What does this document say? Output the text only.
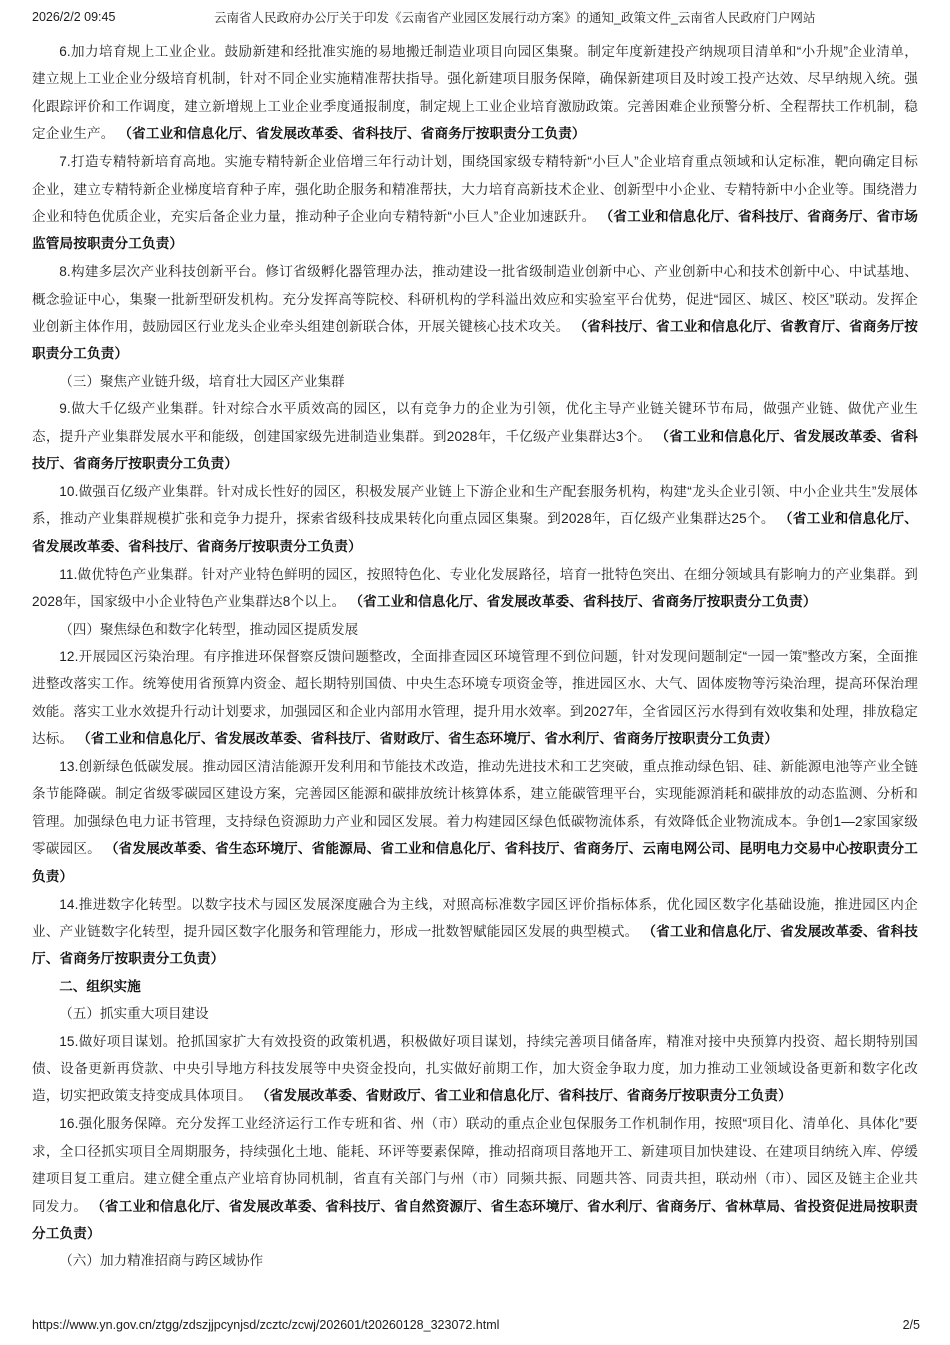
2026/2/2 09:45	云南省人民政府办公厅关于印发《云南省产业园区发展行动方案》的通知_政策文件_云南省人民政府门户网站

6.加力培育规上工业企业。鼓励新建和经批准实施的易地搬迁制造业项目向园区集聚。制定年度新建投产纳规项目清单和“小升规”企业清单，建立规上工业企业分级培育机制，针对不同企业实施精准帮扶指导。强化新建项目服务保障，确保新建项目及时竣工投产达效、尽早纳规入统。强化跟踪评价和工作调度，建立新增规上工业企业季度通报制度，制定规上工业企业培育激励政策。完善困难企业预警分析、全程帮扶工作机制，稳定企业生产。 （省工业和信息化厅、省发展改革委、省科技厅、省商务厅按职责分工负责）

7.打造专精特新培育高地。实施专精特新企业倍增三年行动计划，围绕国家级专精特新“小巨人”企业培育重点领域和认定标准，靶向确定目标企业，建立专精特新企业梯度培育种子库，强化助企服务和精准帮扶，大力培育高新技术企业、创新型中小企业、专精特新中小企业等。围绕潜力企业和特色优质企业，充实后备企业力量，推动种子企业向专精特新“小巨人”企业加速跃升。 （省工业和信息化厅、省科技厅、省商务厅、省市场监管局按职责分工负责）

8.构建多层次产业科技创新平台。修订省级孵化器管理办法，推动建设一批省级制造业创新中心、产业创新中心和技术创新中心、中试基地、概念验证中心，集聚一批新型研发机构。充分发挥高等院校、科研机构的学科溢出效应和实验室平台优势，促进“园区、城区、校区”联动。发挥企业创新主体作用，鼓励园区行业龙头企业牵头组建创新联合体，开展关键核心技术攻关。 （省科技厅、省工业和信息化厅、省教育厅、省商务厅按职责分工负责）

（三）聚焦产业链升级，培育壮大园区产业集群

9.做大千亿级产业集群。针对综合水平质效高的园区，以有竞争力的企业为引领，优化主导产业链关键环节布局，做强产业链、做优产业生态，提升产业集群发展水平和能级，创建国家级先进制造业集群。到2028年，千亿级产业集群达3个。 （省工业和信息化厅、省发展改革委、省科技厅、省商务厅按职责分工负责）

10.做强百亿级产业集群。针对成长性好的园区，积极发展产业链上下游企业和生产配套服务机构，构建“龙头企业引领、中小企业共生”发展体系，推动产业集群规模扩张和竞争力提升，探索省级科技成果转化向重点园区集聚。到2028年，百亿级产业集群达25个。 （省工业和信息化厅、省发展改革委、省科技厅、省商务厅按职责分工负责）

11.做优特色产业集群。针对产业特色鲜明的园区，按照特色化、专业化发展路径，培育一批特色突出、在细分领域具有影响力的产业集群。到2028年，国家级中小企业特色产业集群达8个以上。 （省工业和信息化厅、省发展改革委、省科技厅、省商务厅按职责分工负责）

（四）聚焦绿色和数字化转型，推动园区提质发展

12.开展园区污染治理。有序推进环保督察反馈问题整改，全面排查园区环境管理不到位问题，针对发现问题制定“一园一策”整改方案，全面推进整改落实工作。统筹使用省预算内资金、超长期特别国债、中央生态环境专项资金等，推进园区水、大气、固体废物等污染治理，提高环保治理效能。落实工业水效提升行动计划要求，加强园区和企业内部用水管理，提升用水效率。到2027年，全省园区污水得到有效收集和处理，排放稳定达标。 （省工业和信息化厅、省发展改革委、省科技厅、省财政厅、省生态环境厅、省水利厅、省商务厅按职责分工负责）

13.创新绿色低碳发展。推动园区清洁能源开发利用和节能技术改造，推动先进技术和工艺突破，重点推动绿色铝、硅、新能源电池等产业全链条节能降碳。制定省级零碳园区建设方案，完善园区能源和碳排放统计核算体系，建立能碳管理平台，实现能源消耗和碳排放的动态监测、分析和管理。加强绿色电力证书管理，支持绿色资源助力产业和园区发展。着力构建园区绿色低碳物流体系，有效降低企业物流成本。争创1—2家国家级零碳园区。 （省发展改革委、省生态环境厅、省能源局、省工业和信息化厅、省科技厅、省商务厅、云南电网公司、昆明电力交易中心按职责分工负责）

14.推进数字化转型。以数字技术与园区发展深度融合为主线，对照高标准数字园区评价指标体系，优化园区数字化基础设施，推进园区内企业、产业链数字化转型，提升园区数字化服务和管理能力，形成一批数智赋能园区发展的典型模式。 （省工业和信息化厅、省发展改革委、省科技厅、省商务厅按职责分工负责）

二、组织实施

（五）抓实重大项目建设

15.做好项目谋划。抢抓国家扩大有效投资的政策机遇，积极做好项目谋划，持续完善项目储备库，精准对接中央预算内投资、超长期特别国债、设备更新再贷款、中央引导地方科技发展等中央资金投向，扎实做好前期工作，加大资金争取力度，加力推动工业领域设备更新和数字化改造，切实把政策支持变成具体项目。 （省发展改革委、省财政厅、省工业和信息化厅、省科技厅、省商务厅按职责分工负责）

16.强化服务保障。充分发挥工业经济运行工作专班和省、州（市）联动的重点企业包保服务工作机制作用，按照“项目化、清单化、具体化”要求，全口径抓实项目全周期服务，持续强化土地、能耗、环评等要素保障，推动招商项目落地开工、新建项目加快建设、在建项目纳统入库、停缓建项目复工重启。建立健全重点产业培育协同机制，省直有关部门与州（市）同频共振、同题共答、同责共担，联动州（市）、园区及链主企业共同发力。 （省工业和信息化厅、省发展改革委、省科技厅、省自然资源厅、省生态环境厅、省水利厅、省商务厅、省林草局、省投资促进局按职责分工负责）

（六）加力精准招商与跨区域协作

https://www.yn.gov.cn/ztgg/zdszjjpcynjsd/zcztc/zcwj/202601/t20260128_323072.html	2/5
